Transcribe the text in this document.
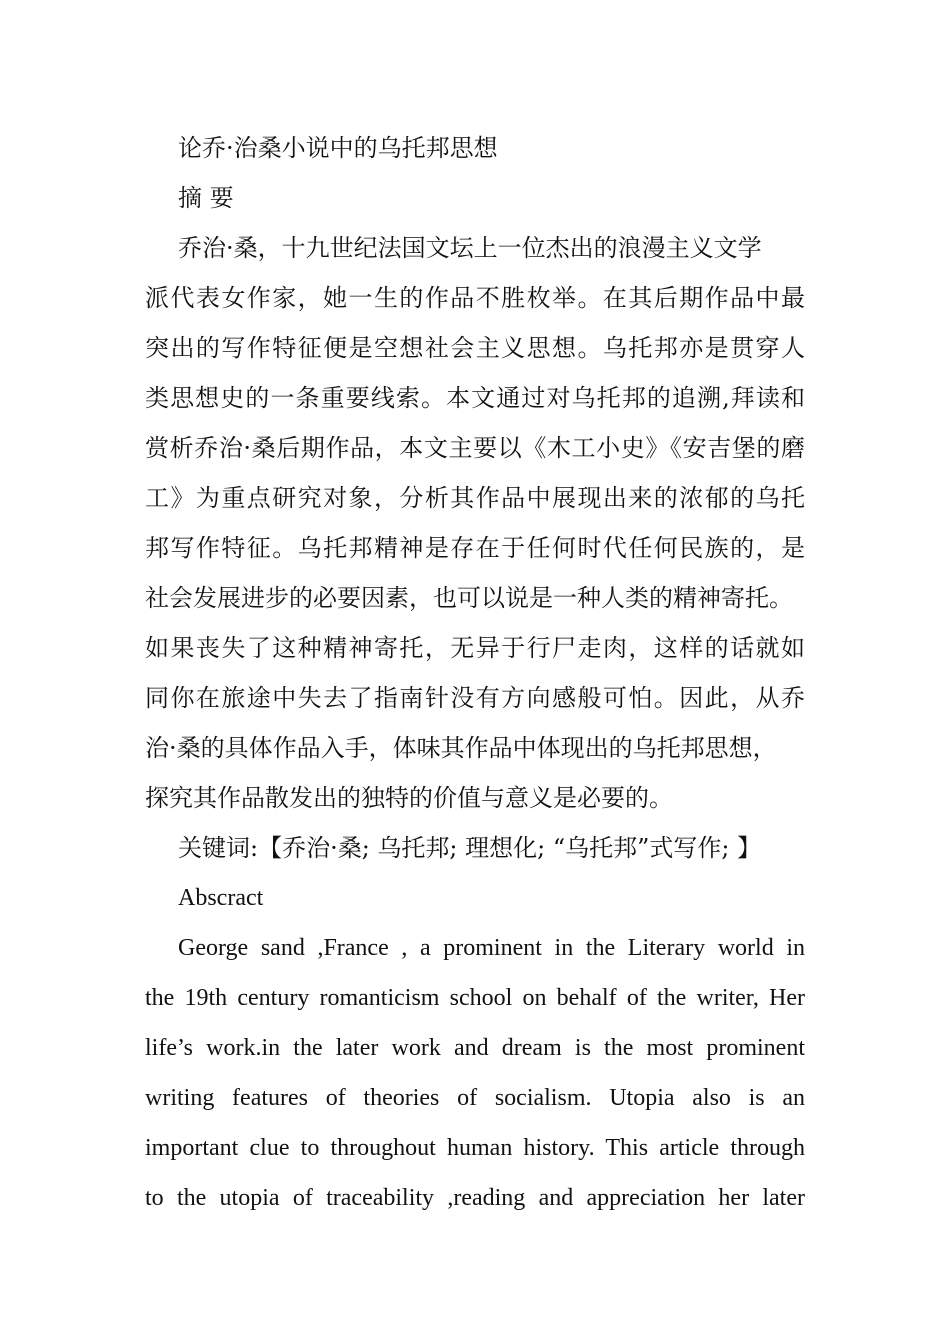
论乔·治桑小说中的乌托邦思想
摘 要
乔治·桑，十九世纪法国文坛上一位杰出的浪漫主义文学
派代表女作家，她一生的作品不胜枚举。在其后期作品中最
突出的写作特征便是空想社会主义思想。乌托邦亦是贯穿人
类思想史的一条重要线索。本文通过对乌托邦的追溯,拜读和
赏析乔治·桑后期作品，本文主要以《木工小史》《安吉堡的磨
工》为重点研究对象，分析其作品中展现出来的浓郁的乌托
邦写作特征。乌托邦精神是存在于任何时代任何民族的，是
社会发展进步的必要因素，也可以说是一种人类的精神寄托。
如果丧失了这种精神寄托，无异于行尸走肉，这样的话就如
同你在旅途中失去了指南针没有方向感般可怕。因此，从乔
治·桑的具体作品入手，体味其作品中体现出的乌托邦思想，
探究其作品散发出的独特的价值与意义是必要的。
关键词:【乔治·桑; 乌托邦; 理想化; “乌托邦”式写作; 】
Abscract
George sand ,France , a prominent in the Literary world in
the 19th century romanticism school on behalf of the writer, Her
life’s work.in the later work and dream is the most prominent
writing features of theories of socialism. Utopia also is an
important clue to throughout human history. This article through
to the utopia of traceability ,reading and appreciation her later
